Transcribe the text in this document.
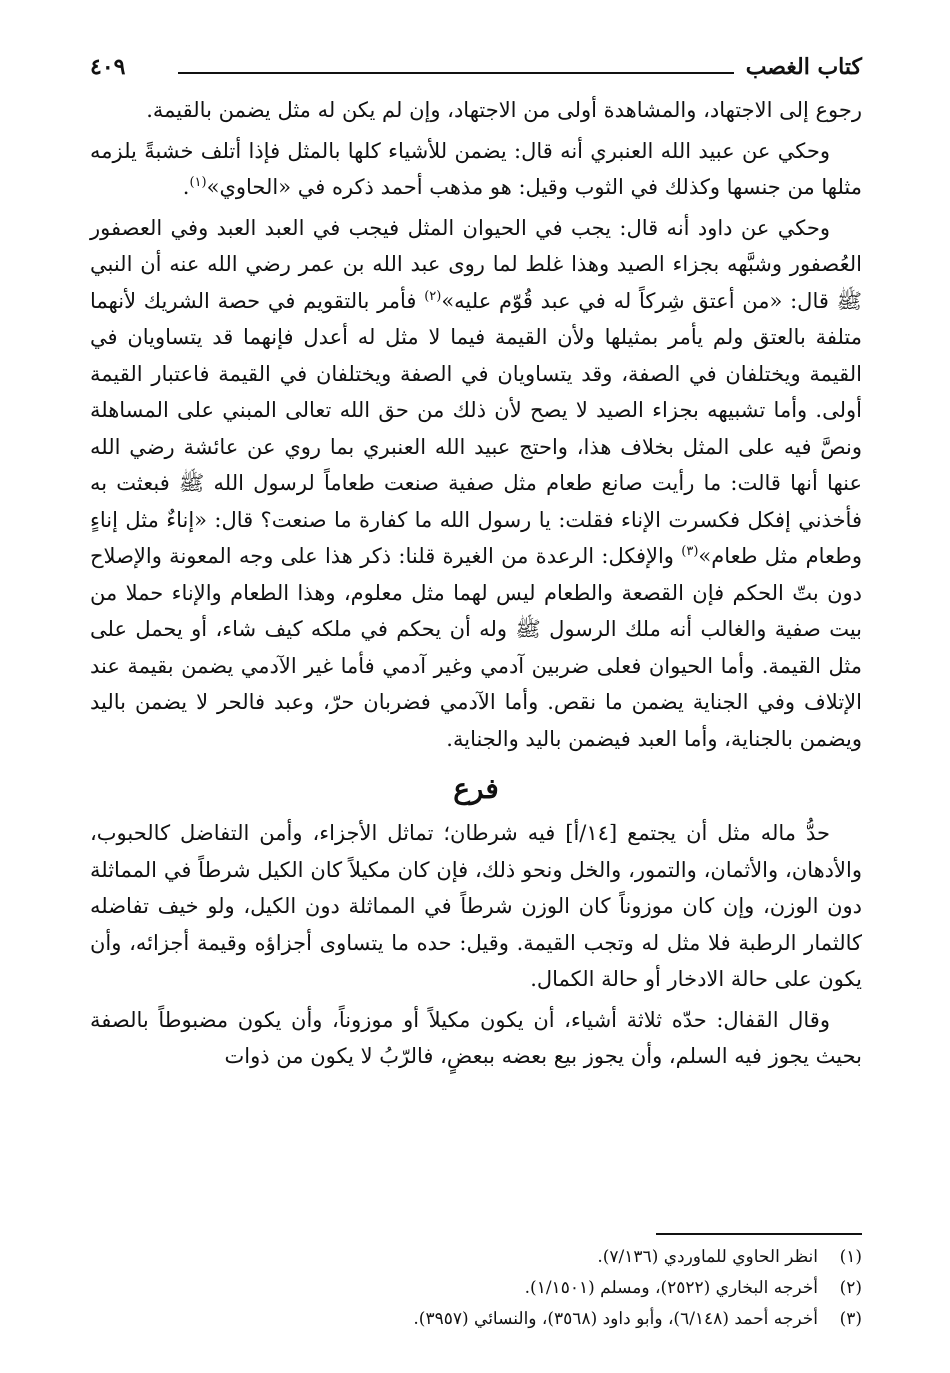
كتاب الغصب
٤٠٩

رجوع إلى الاجتهاد، والمشاهدة أولى من الاجتهاد، وإن لم يكن له مثل يضمن بالقيمة.

وحكي عن عبيد الله العنبري أنه قال: يضمن للأشياء كلها بالمثل فإذا أتلف خشبةً يلزمه مثلها من جنسها وكذلك في الثوب وقيل: هو مذهب أحمد ذكره في «الحاوي»$^{(١)}$.

وحكي عن داود أنه قال: يجب في الحيوان المثل فيجب في العبد العبد وفي العصفور العُصفور وشبَّهه بجزاء الصيد وهذا غلط لما روى عبد الله بن عمر رضي الله عنه أن النبي ﷺ قال: «من أعتق شِركاً له في عبد قُوّم عليه»$^{(٢)}$ فأمر بالتقويم في حصة الشريك لأنهما متلفة بالعتق ولم يأمر بمثيلها ولأن القيمة فيما لا مثل له أعدل فإنهما قد يتساويان في القيمة ويختلفان في الصفة، وقد يتساويان في الصفة ويختلفان في القيمة فاعتبار القيمة أولى. وأما تشبيهه بجزاء الصيد لا يصح لأن ذلك من حق الله تعالى المبني على المساهلة ونصَّ فيه على المثل بخلاف هذا، واحتج عبيد الله العنبري بما روي عن عائشة رضي الله عنها أنها قالت: ما رأيت صانع طعام مثل صفية صنعت طعاماً لرسول الله ﷺ فبعثت به فأخذني إفكل فكسرت الإناء فقلت: يا رسول الله ما كفارة ما صنعت؟ قال: «إناءٌ مثل إناءٍ وطعام مثل طعام»$^{(٣)}$ والإفكل: الرعدة من الغيرة قلنا: ذكر هذا على وجه المعونة والإصلاح دون بتّ الحكم فإن القصعة والطعام ليس لهما مثل معلوم، وهذا الطعام والإناء حملا من بيت صفية والغالب أنه ملك الرسول ﷺ وله أن يحكم في ملكه كيف شاء، أو يحمل على مثل القيمة. وأما الحيوان فعلى ضربين آدمي وغير آدمي فأما غير الآدمي يضمن بقيمة عند الإتلاف وفي الجناية يضمن ما نقص. وأما الآدمي فضربان حرّ، وعبد فالحر لا يضمن باليد ويضمن بالجناية، وأما العبد فيضمن باليد والجناية.

فرع

حدُّ ماله مثل أن يجتمع [١٤/أ] فيه شرطان؛ تماثل الأجزاء، وأمن التفاضل كالحبوب، والأدهان، والأثمان، والتمور، والخل ونحو ذلك، فإن كان مكيلاً كان الكيل شرطاً في المماثلة دون الوزن، وإن كان موزوناً كان الوزن شرطاً في المماثلة دون الكيل، ولو خيف تفاضله كالثمار الرطبة فلا مثل له وتجب القيمة. وقيل: حده ما يتساوى أجزاؤه وقيمة أجزائه، وأن يكون على حالة الادخار أو حالة الكمال.

وقال القفال: حدّه ثلاثة أشياء، أن يكون مكيلاً أو موزوناً، وأن يكون مضبوطاً بالصفة بحيث يجوز فيه السلم، وأن يجوز بيع بعضه ببعضٍ، فالرّبُ لا يكون من ذوات

(١)انظر الحاوي للماوردي (٧/١٣٦).
(٢)أخرجه البخاري (٢٥٢٢)، ومسلم (١/١٥٠١).
(٣)أخرجه أحمد (٦/١٤٨)، وأبو داود (٣٥٦٨)، والنسائي (٣٩٥٧).
